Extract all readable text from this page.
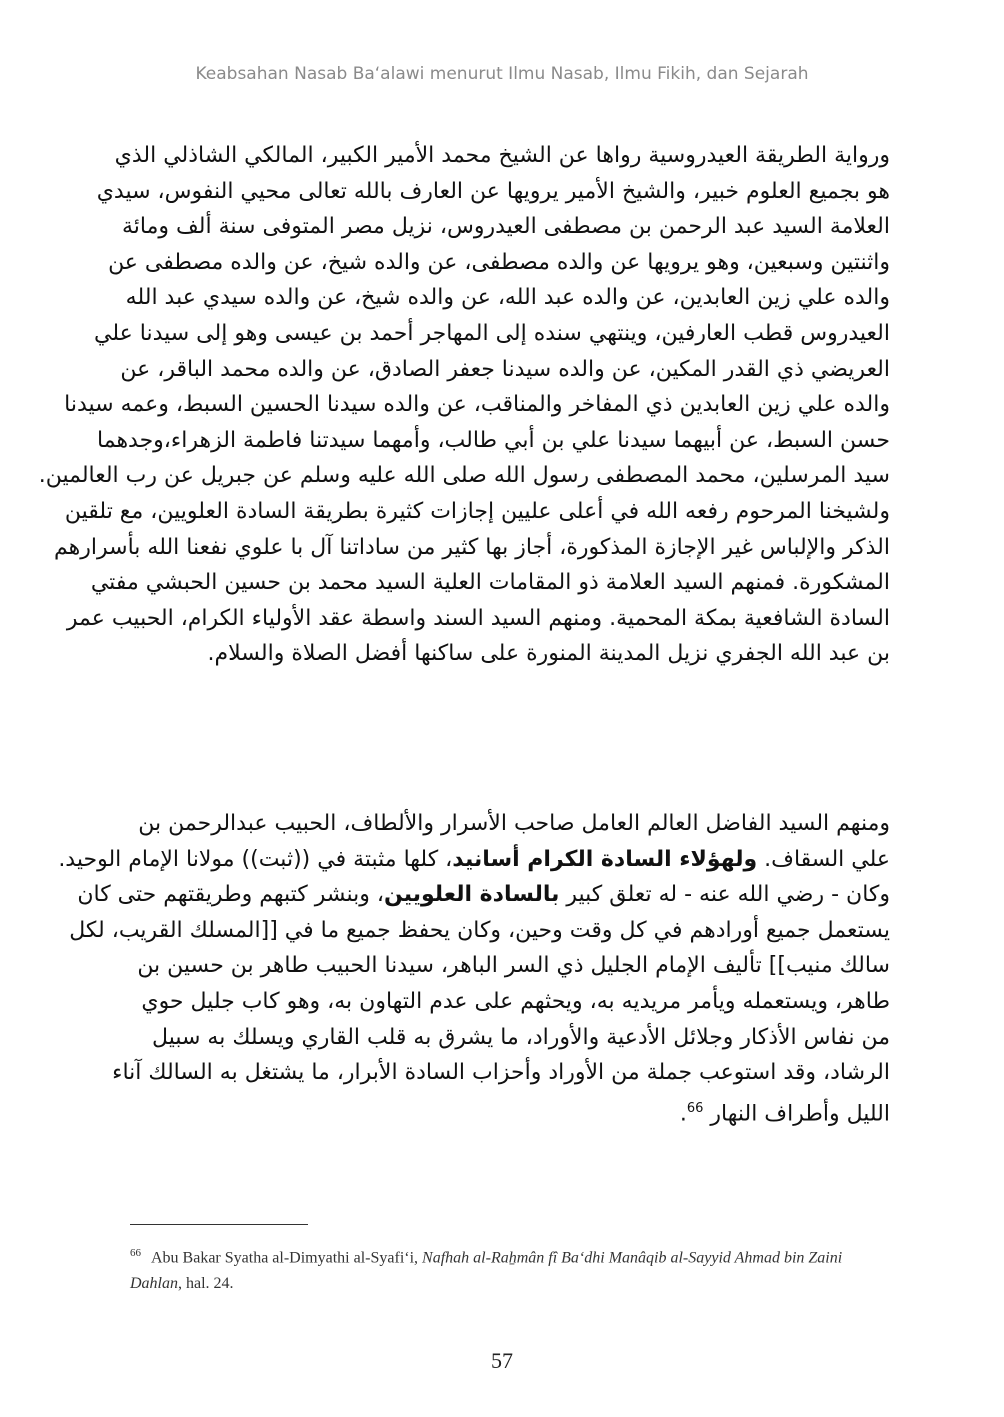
Keabsahan Nasab Ba‘alawi menurut Ilmu Nasab, Ilmu Fikih, dan Sejarah
ورواية الطريقة العيدروسية رواها عن الشيخ محمد الأمير الكبير، المالكي الشاذلي الذي
هو بجميع العلوم خبير، والشيخ الأمير يرويها عن العارف بالله تعالى محيي النفوس، سيدي
العلامة السيد عبد الرحمن بن مصطفى العيدروس، نزيل مصر المتوفى سنة ألف ومائة
واثنتين وسبعين، وهو يرويها عن والده مصطفى، عن والده شيخ، عن والده مصطفى عن
والده علي زين العابدين، عن والده عبد الله، عن والده شيخ، عن والده سيدي عبد الله
العيدروس قطب العارفين، وينتهي سنده إلى المهاجر أحمد بن عيسى وهو إلى سيدنا علي
العريضي ذي القدر المكين، عن والده سيدنا جعفر الصادق، عن والده محمد الباقر، عن
والده علي زين العابدين ذي المفاخر والمناقب، عن والده سيدنا الحسين السبط، وعمه سيدنا
حسن السبط، عن أبيهما سيدنا علي بن أبي طالب، وأمهما سيدتنا فاطمة الزهراء،وجدهما
سيد المرسلين، محمد المصطفى رسول الله صلى الله عليه وسلم عن جبريل عن رب العالمين.
ولشيخنا المرحوم رفعه الله في أعلى عليين إجازات كثيرة بطريقة السادة العلويين، مع تلقين
الذكر والإلباس غير الإجازة المذكورة، أجاز بها كثير من ساداتنا آل با علوي نفعنا الله بأسرارهم
المشكورة. فمنهم السيد العلامة ذو المقامات العلية السيد محمد بن حسين الحبشي مفتي
السادة الشافعية بمكة المحمية. ومنهم السيد السند واسطة عقد الأولياء الكرام، الحبيب عمر
بن عبد الله الجفري نزيل المدينة المنورة على ساكنها أفضل الصلاة والسلام.
ومنهم السيد الفاضل العالم العامل صاحب الأسرار والألطاف، الحبيب عبدالرحمن بن
علي السقاف. ولهؤلاء السادة الكرام أسانيد، كلها مثبتة في ((ثبت)) مولانا الإمام الوحيد.
وكان - رضي الله عنه - له تعلق كبير بالسادة العلويين، وبنشر كتبهم وطريقتهم حتى كان
يستعمل جميع أورادهم في كل وقت وحين، وكان يحفظ جميع ما في [[المسلك القريب، لكل
سالك منيب]] تأليف الإمام الجليل ذي السر الباهر، سيدنا الحبيب طاهر بن حسين بن
طاهر، ويستعمله ويأمر مريديه به، ويحثهم على عدم التهاون به، وهو كاب جليل حوي
من نفاس الأذكار وجلائل الأدعية والأوراد، ما يشرق به قلب القاري ويسلك به سبيل
الرشاد، وقد استوعب جملة من الأوراد وأحزاب السادة الأبرار، ما يشتغل به السالك آناء
الليل وأطراف النهار $^{66}$.
$^{66}$ Abu Bakar Syatha al-Dimyathi al-Syafi‘i, Nafhah al-Raẖmân fî Ba‘dhi Manâqib al-Sayyid Ahmad bin Zaini Dahlan, hal. 24.
57
